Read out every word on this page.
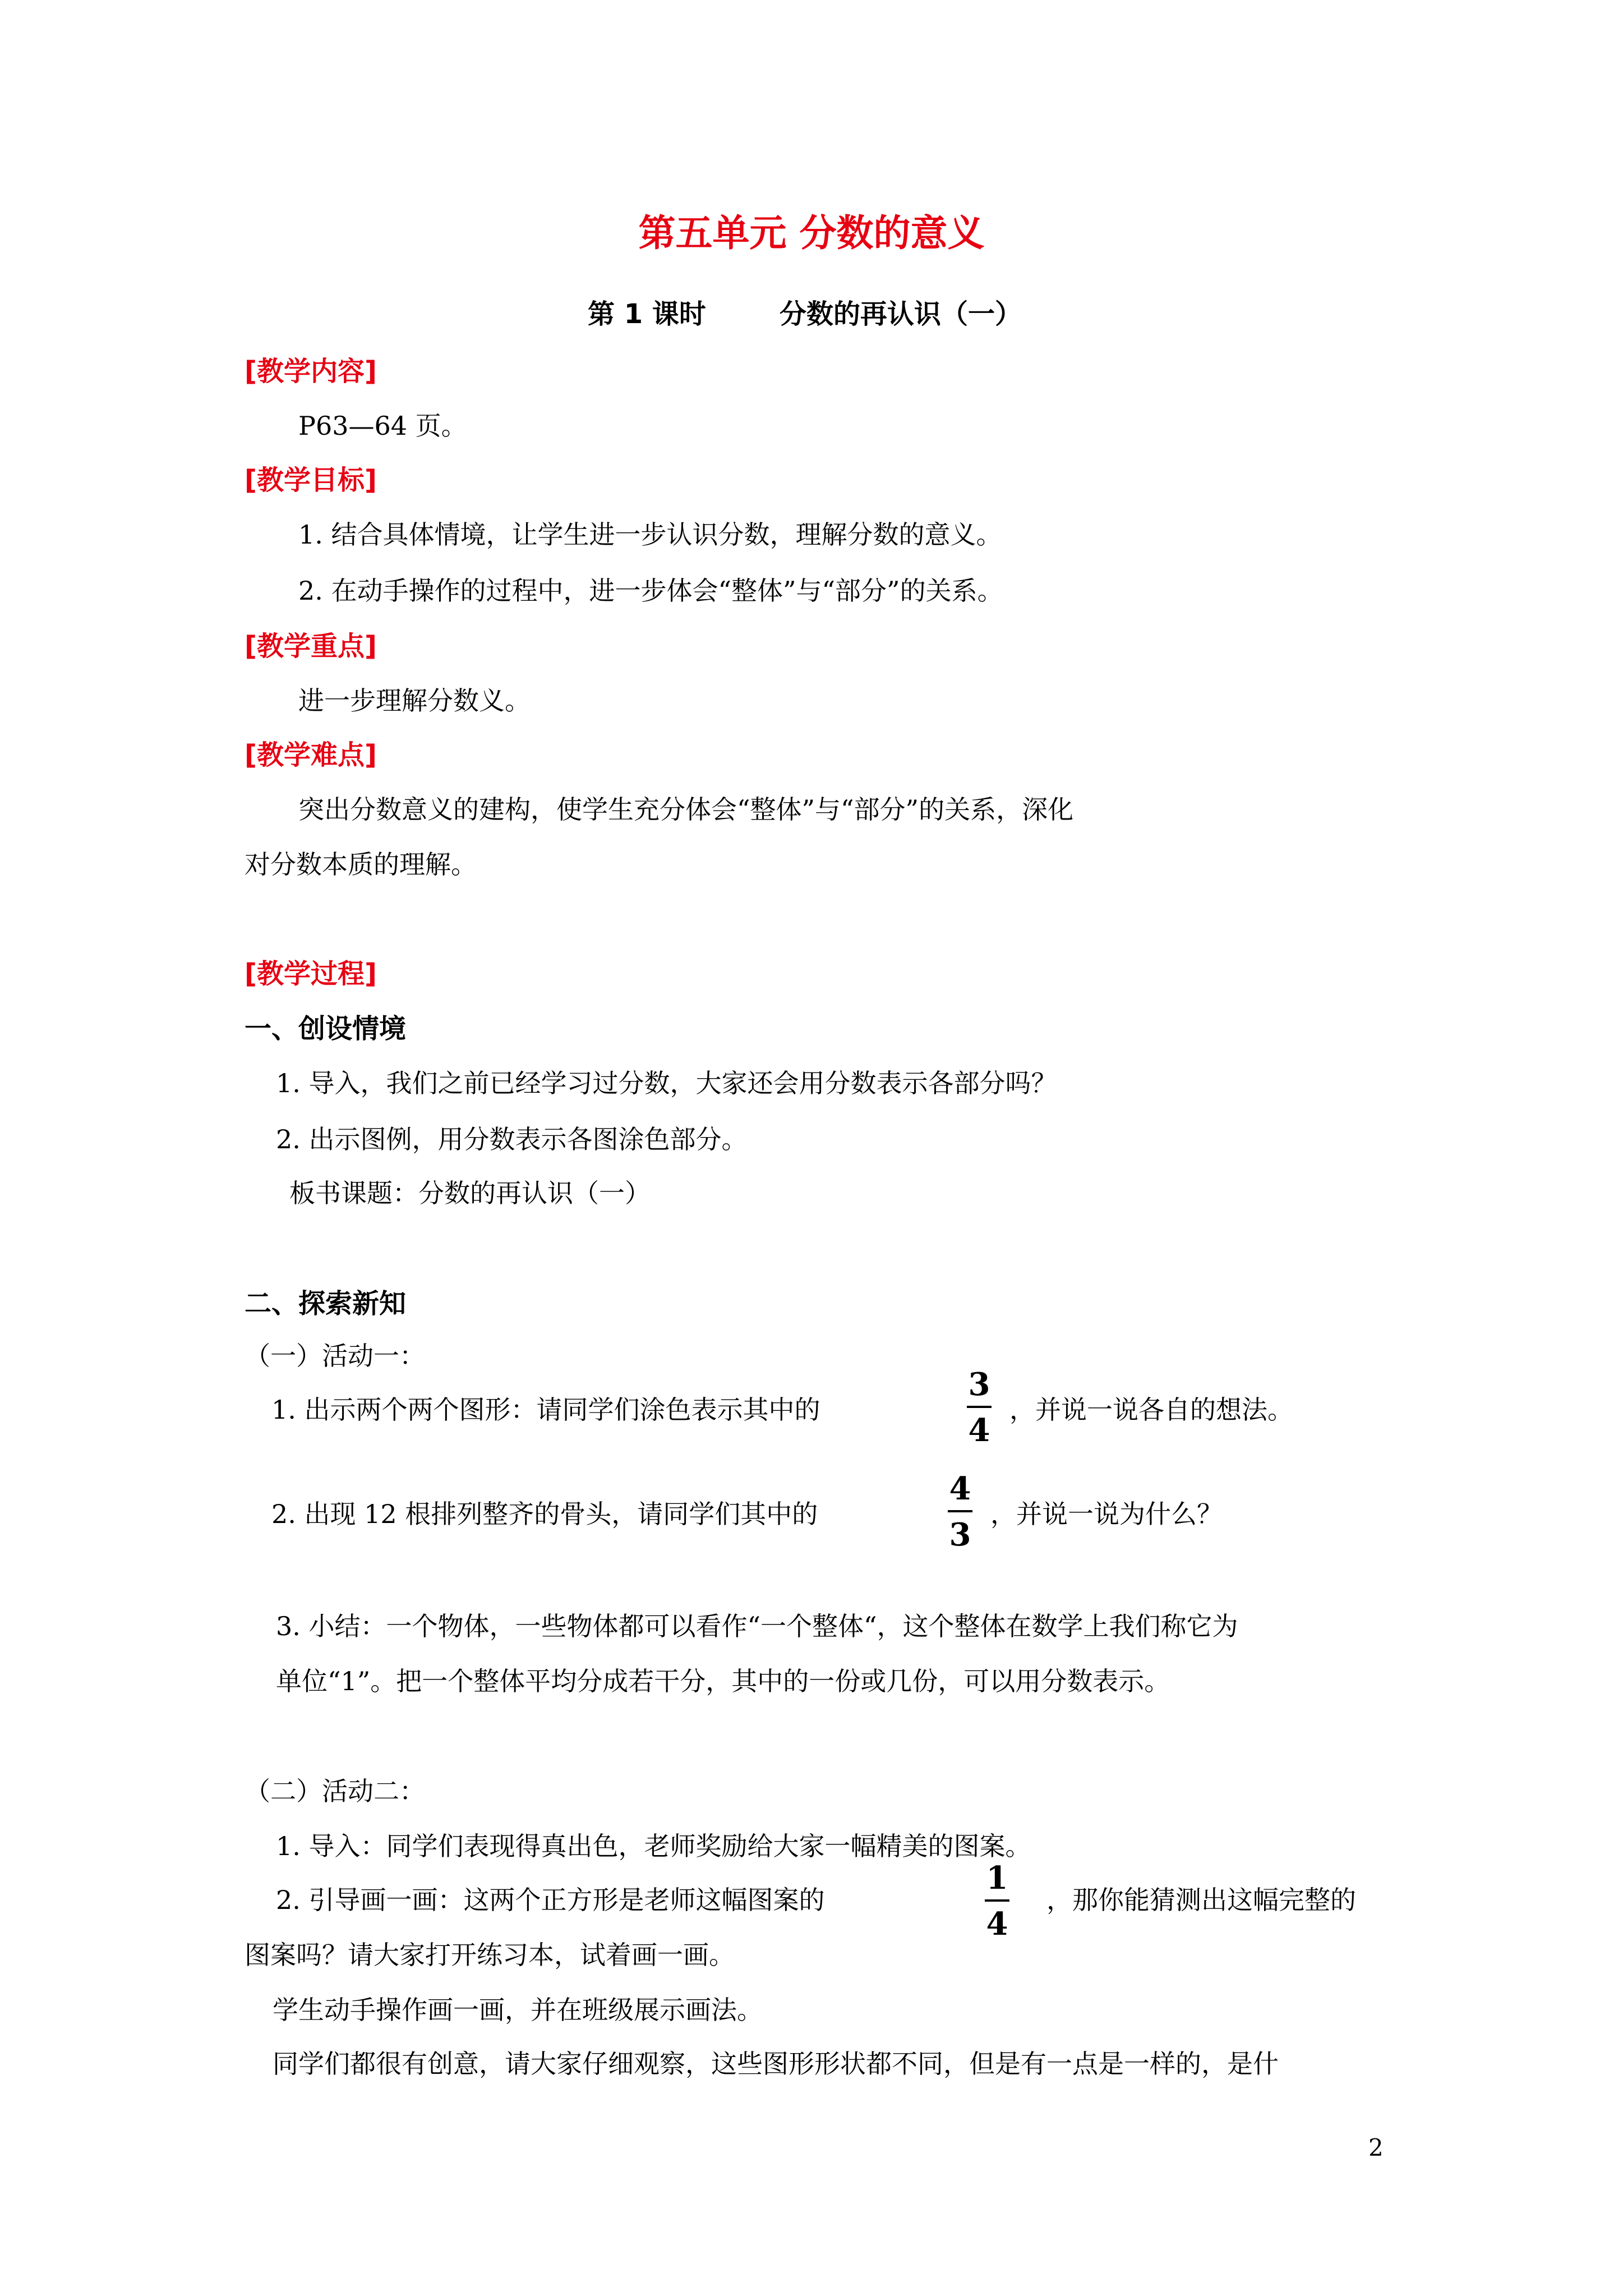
第五单元 分数的意义
第 1 课时	分数的再认识（一）
[教学内容]
P63—64 页。
[教学目标]
1. 结合具体情境，让学生进一步认识分数，理解分数的意义。
2. 在动手操作的过程中，进一步体会“整体”与“部分”的关系。
[教学重点]
进一步理解分数义。
[教学难点]
突出分数意义的建构，使学生充分体会“整体”与“部分”的关系，深化
对分数本质的理解。
[教学过程]
一、创设情境
1. 导入，我们之前已经学习过分数，大家还会用分数表示各部分吗？
2. 出示图例，用分数表示各图涂色部分。
板书课题：分数的再认识（一）
二、探索新知
（一）活动一：
1. 出示两个两个图形：请同学们涂色表示其中的
3
4
，并说一说各自的想法。
2. 出现 12 根排列整齐的骨头，请同学们其中的
4
3
，并说一说为什么？
3. 小结：一个物体，一些物体都可以看作“一个整体“，这个整体在数学上我们称它为
单位“1”。把一个整体平均分成若干分，其中的一份或几份，可以用分数表示。
（二）活动二：
1. 导入：同学们表现得真出色，老师奖励给大家一幅精美的图案。
2. 引导画一画：这两个正方形是老师这幅图案的
1
4
，那你能猜测出这幅完整的
图案吗？请大家打开练习本，试着画一画。
学生动手操作画一画，并在班级展示画法。
同学们都很有创意，请大家仔细观察，这些图形形状都不同，但是有一点是一样的，是什
2
